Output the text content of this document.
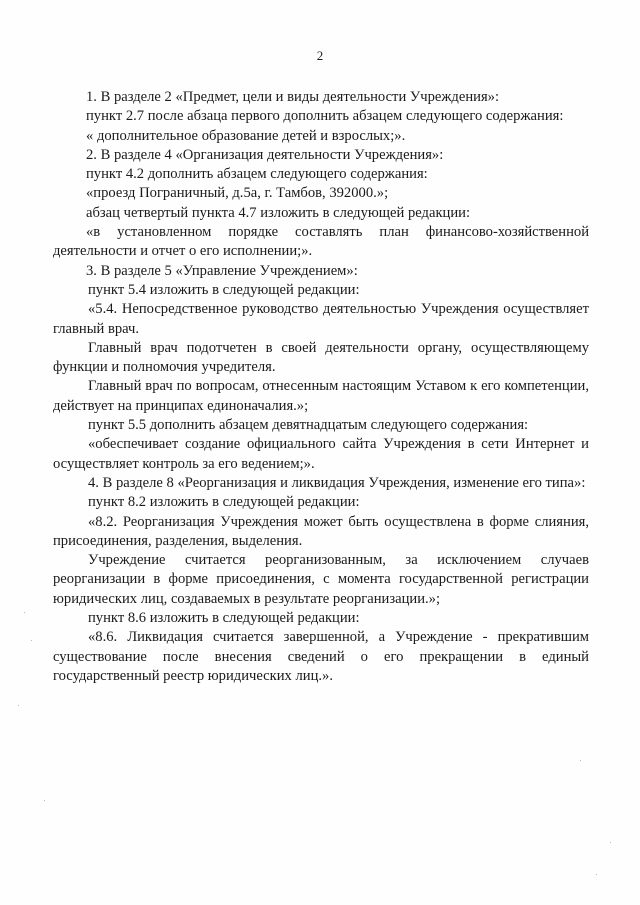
2

1. В разделе 2 «Предмет, цели и виды деятельности Учреждения»:

пункт 2.7 после абзаца первого дополнить абзацем следующего содержания:

« дополнительное образование детей и взрослых;».

2. В разделе 4 «Организация деятельности Учреждения»:

пункт 4.2 дополнить абзацем следующего содержания:

«проезд Пограничный, д.5а, г. Тамбов, 392000.»;

абзац четвертый пункта 4.7 изложить в следующей редакции:

«в установленном порядке составлять план финансово-хозяйственной деятельности и отчет о его исполнении;».

3. В разделе 5 «Управление Учреждением»:

пункт 5.4 изложить в следующей редакции:

«5.4. Непосредственное руководство деятельностью Учреждения осуществляет главный врач.

Главный врач подотчетен в своей деятельности органу, осуществляющему функции и полномочия учредителя.

Главный врач по вопросам, отнесенным настоящим Уставом к его компетенции, действует на принципах единоначалия.»;

пункт 5.5 дополнить абзацем девятнадцатым следующего содержания:

«обеспечивает создание официального сайта Учреждения в сети Интернет и осуществляет контроль за его ведением;».

4. В разделе 8 «Реорганизация и ликвидация Учреждения, изменение его типа»:

пункт 8.2 изложить в следующей редакции:

«8.2. Реорганизация Учреждения может быть осуществлена в форме слияния, присоединения, разделения, выделения.

Учреждение считается реорганизованным, за исключением случаев реорганизации в форме присоединения, с момента государственной регистрации юридических лиц, создаваемых в результате реорганизации.»;

пункт 8.6 изложить в следующей редакции:

«8.6. Ликвидация считается завершенной, а Учреждение - прекратившим существование после внесения сведений о его прекращении в единый государственный реестр юридических лиц.».
